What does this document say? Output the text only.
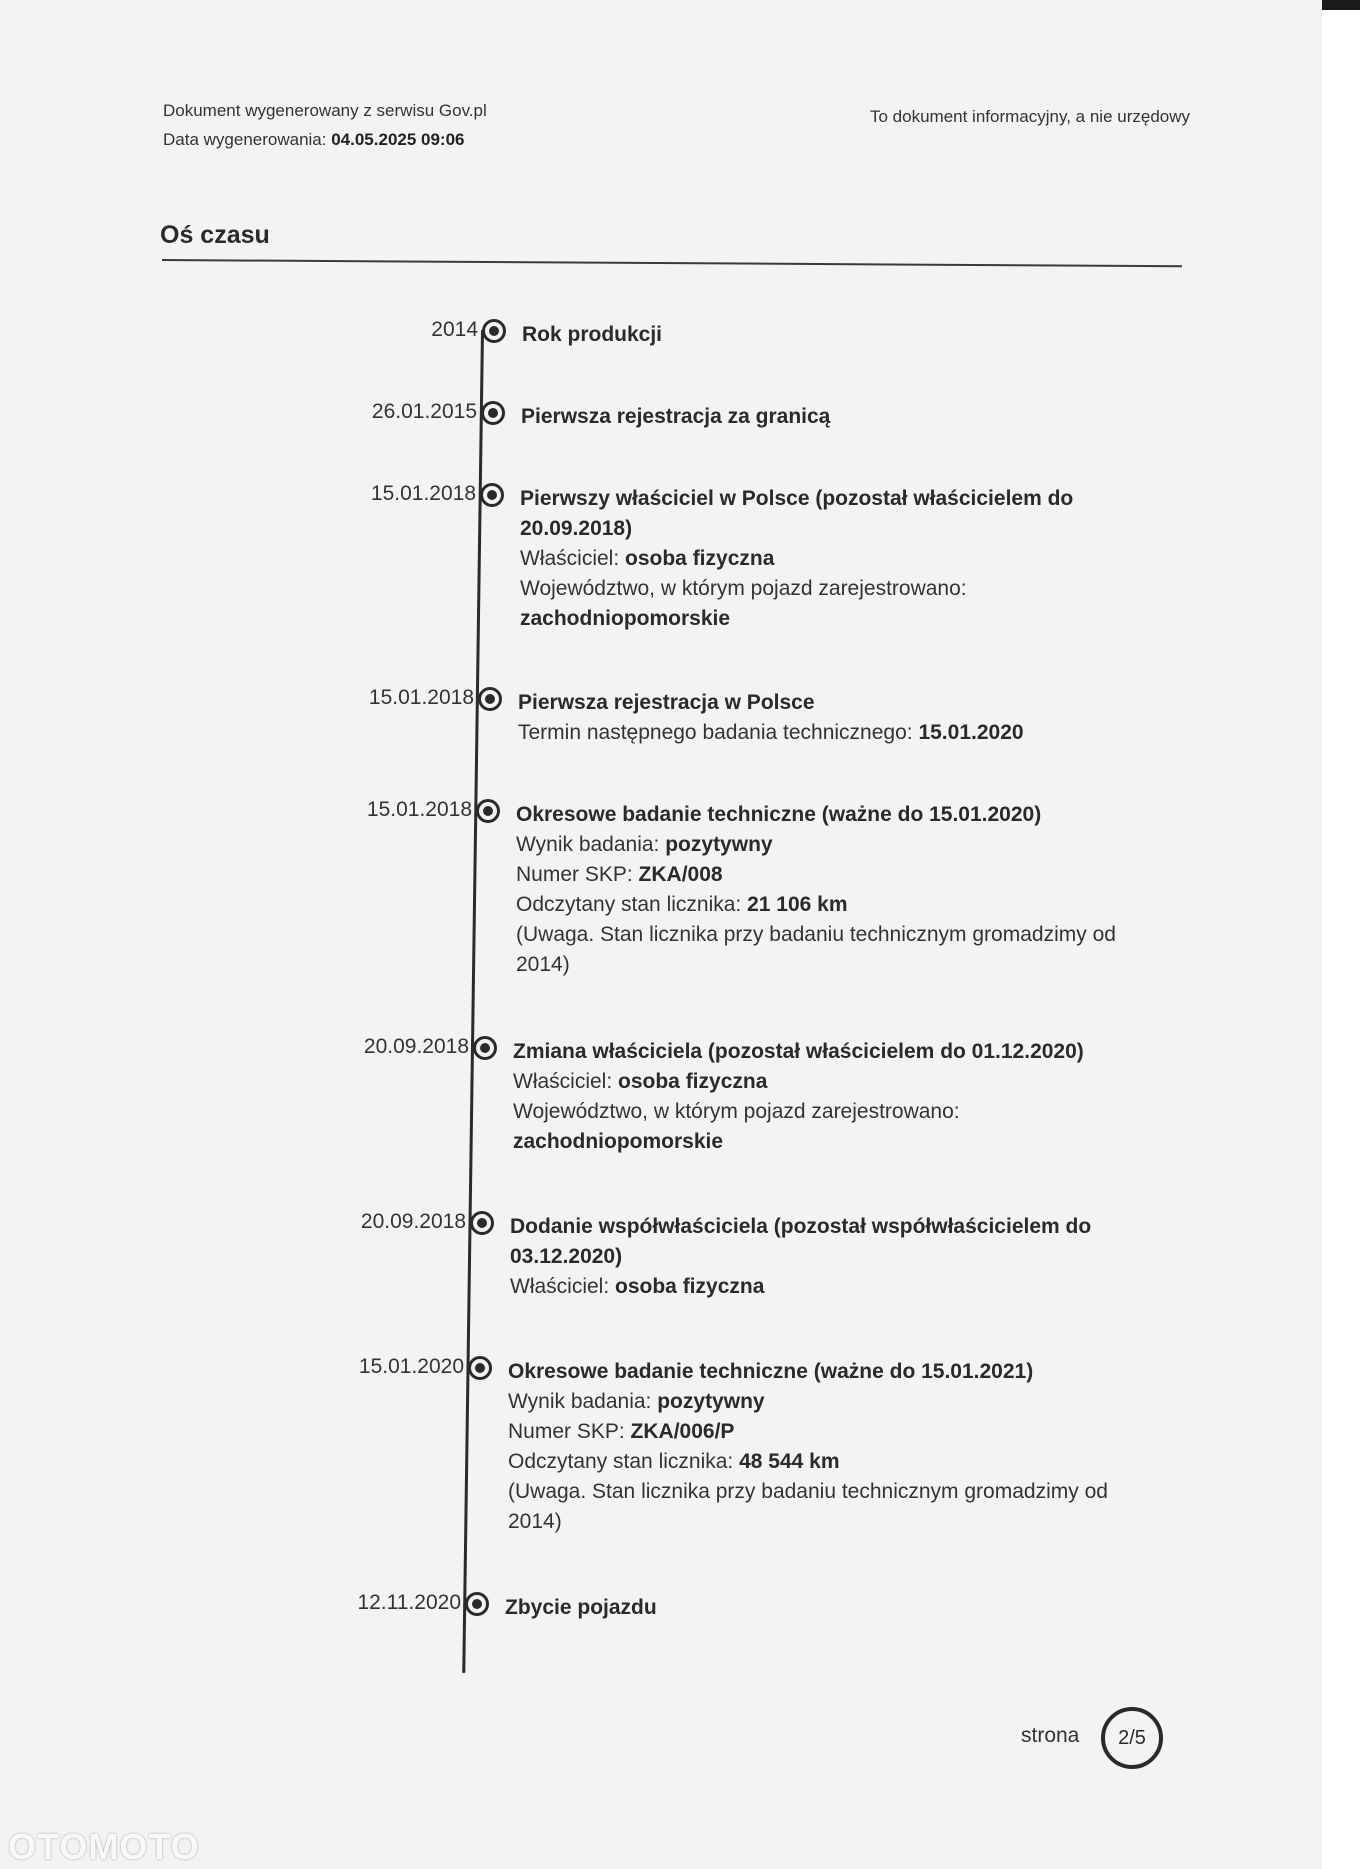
Dokument wygenerowany z serwisu Gov.pl
Data wygenerowania: 04.05.2025 09:06
To dokument informacyjny, a nie urzędowy
Oś czasu
2014 Rok produkcji
26.01.2015 Pierwsza rejestracja za granicą
15.01.2018 Pierwszy właściciel w Polsce (pozostał właścicielem do 20.09.2018)
Właściciel: osoba fizyczna
Województwo, w którym pojazd zarejestrowano: zachodniopomorskie
15.01.2018 Pierwsza rejestracja w Polsce
Termin następnego badania technicznego: 15.01.2020
15.01.2018 Okresowe badanie techniczne (ważne do 15.01.2020)
Wynik badania: pozytywny
Numer SKP: ZKA/008
Odczytany stan licznika: 21 106 km
(Uwaga. Stan licznika przy badaniu technicznym gromadzimy od 2014)
20.09.2018 Zmiana właściciela (pozostał właścicielem do 01.12.2020)
Właściciel: osoba fizyczna
Województwo, w którym pojazd zarejestrowano: zachodniopomorskie
20.09.2018 Dodanie współwłaściciela (pozostał współwłaścicielem do 03.12.2020)
Właściciel: osoba fizyczna
15.01.2020 Okresowe badanie techniczne (ważne do 15.01.2021)
Wynik badania: pozytywny
Numer SKP: ZKA/006/P
Odczytany stan licznika: 48 544 km
(Uwaga. Stan licznika przy badaniu technicznym gromadzimy od 2014)
12.11.2020 Zbycie pojazdu
strona 2/5
OTOMOTO
